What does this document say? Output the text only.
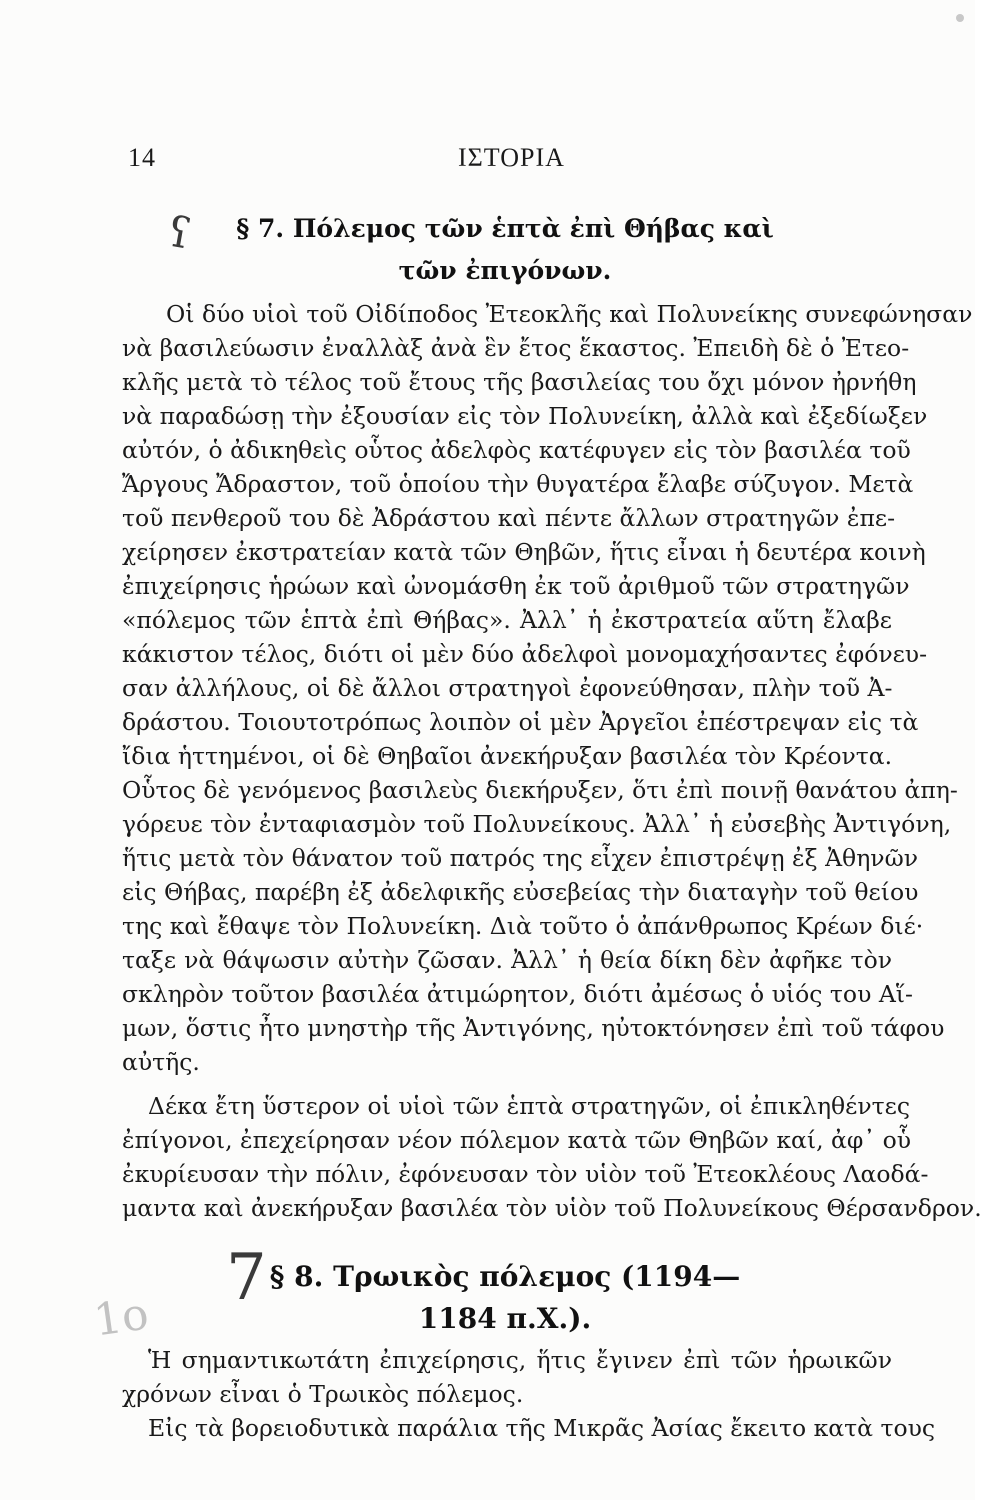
14	ΙΣΤΟΡΙΑ
ʕ	§ 7. Πόλεμος τῶν ἑπτὰ ἐπὶ Θήβας καὶ
τῶν ἐπιγόνων.
Οἱ δύο υἱοὶ τοῦ Οἰδίποδος Ἐτεοκλῆς καὶ Πολυνείκης συνεφώνησαν
νὰ βασιλεύωσιν ἐναλλὰξ ἀνὰ ἓν ἔτος ἕκαστος. Ἐπειδὴ δὲ ὁ Ἐτεο-
κλῆς μετὰ τὸ τέλος τοῦ ἔτους τῆς βασιλείας του ὄχι μόνον ἠρνήθη
νὰ παραδώσῃ τὴν ἐξουσίαν εἰς τὸν Πολυνείκη, ἀλλὰ καὶ ἐξεδίωξεν
αὐτόν, ὁ ἀδικηθεὶς οὗτος ἀδελφὸς κατέφυγεν εἰς τὸν βασιλέα τοῦ
Ἄργους Ἄδραστον, τοῦ ὁποίου τὴν θυγατέρα ἔλαβε σύζυγον. Μετὰ
τοῦ πενθεροῦ του δὲ Ἀδράστου καὶ πέντε ἄλλων στρατηγῶν ἐπε-
χείρησεν ἐκστρατείαν κατὰ τῶν Θηβῶν, ἥτις εἶναι ἡ δευτέρα κοινὴ
ἐπιχείρησις ἡρώων καὶ ὠνομάσθη ἐκ τοῦ ἀριθμοῦ τῶν στρατηγῶν
«πόλεμος τῶν ἑπτὰ ἐπὶ Θήβας». Ἀλλ᾽ ἡ ἐκστρατεία αὕτη ἔλαβε
κάκιστον τέλος, διότι οἱ μὲν δύο ἀδελφοὶ μονομαχήσαντες ἐφόνευ-
σαν ἀλλήλους, οἱ δὲ ἄλλοι στρατηγοὶ ἐφονεύθησαν, πλὴν τοῦ Ἀ-
δράστου. Τοιουτοτρόπως λοιπὸν οἱ μὲν Ἀργεῖοι ἐπέστρεψαν εἰς τὰ
ἴδια ἡττημένοι, οἱ δὲ Θηβαῖοι ἀνεκήρυξαν βασιλέα τὸν Κρέοντα.
Οὗτος δὲ γενόμενος βασιλεὺς διεκήρυξεν, ὅτι ἐπὶ ποινῇ θανάτου ἀπη-
γόρευε τὸν ἐνταφιασμὸν τοῦ Πολυνείκους. Ἀλλ᾽ ἡ εὐσεβὴς Ἀντιγόνη,
ἥτις μετὰ τὸν θάνατον τοῦ πατρός της εἶχεν ἐπιστρέψῃ ἐξ Ἀθηνῶν
εἰς Θήβας, παρέβη ἐξ ἀδελφικῆς εὐσεβείας τὴν διαταγὴν τοῦ θείου
της καὶ ἔθαψε τὸν Πολυνείκη. Διὰ τοῦτο ὁ ἀπάνθρωπος Κρέων διέ·
ταξε νὰ θάψωσιν αὐτὴν ζῶσαν. Ἀλλ᾽ ἡ θεία δίκη δὲν ἀφῆκε τὸν
σκληρὸν τοῦτον βασιλέα ἀτιμώρητον, διότι ἀμέσως ὁ υἱός του Αἵ-
μων, ὅστις ἦτο μνηστὴρ τῆς Ἀντιγόνης, ηὐτοκτόνησεν ἐπὶ τοῦ τάφου
αὐτῆς.
Δέκα ἔτη ὕστερον οἱ υἱοὶ τῶν ἑπτὰ στρατηγῶν, οἱ ἐπικληθέντες
ἐπίγονοι, ἐπεχείρησαν νέον πόλεμον κατὰ τῶν Θηβῶν καί, ἀφ᾽ οὗ
ἐκυρίευσαν τὴν πόλιν, ἐφόνευσαν τὸν υἱὸν τοῦ Ἐτεοκλέους Λαοδά-
μαντα καὶ ἀνεκήρυξαν βασιλέα τὸν υἱὸν τοῦ Πολυνείκους Θέρσανδρον.
7
1ο
§ 8. Τρωικὸς πόλεμος (1194—
1184 π.Χ.).
Ἡ σημαντικωτάτη ἐπιχείρησις, ἥτις ἔγινεν ἐπὶ τῶν ἡρωικῶν
χρόνων εἶναι ὁ Τρωικὸς πόλεμος.
Εἰς τὰ βορειοδυτικὰ παράλια τῆς Μικρᾶς Ἀσίας ἔκειτο κατὰ τους
